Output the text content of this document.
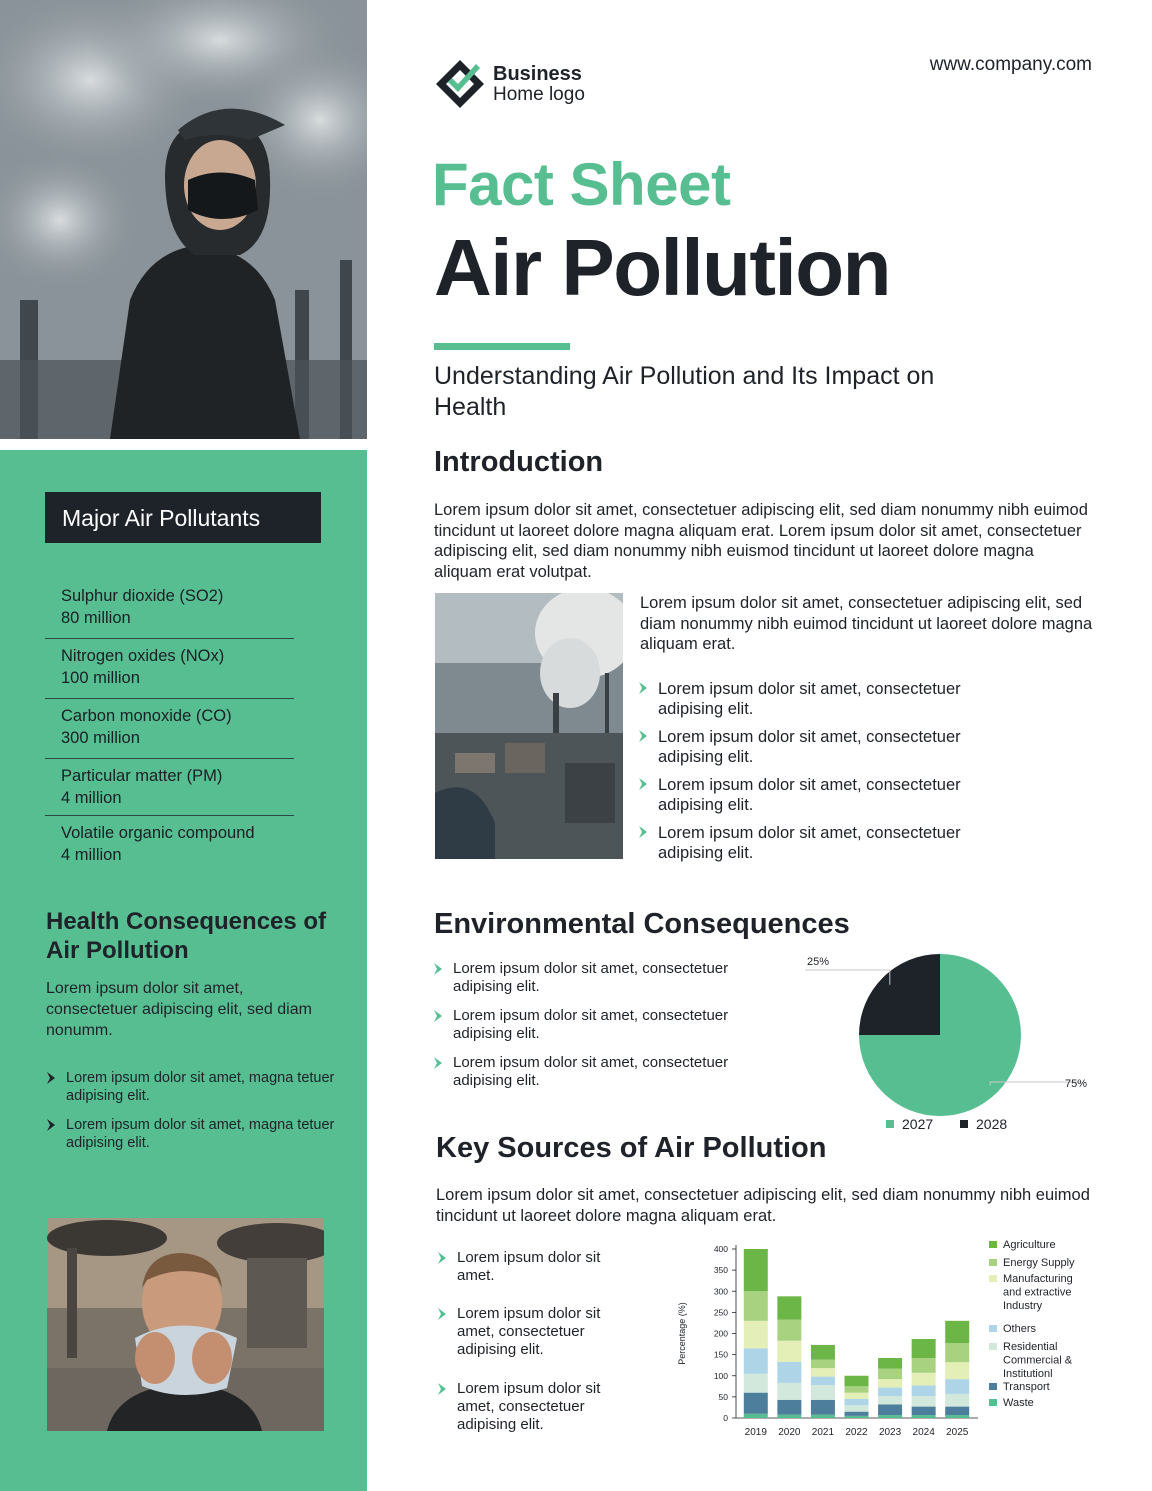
Major Air Pollutants
Sulphur dioxide (SO2)
80 million
Nitrogen oxides (NOx)
100 million
Carbon monoxide (CO)
300 million
Particular matter (PM)
4 million
Volatile organic compound
4 million
Health Consequences of Air Pollution
Lorem ipsum dolor sit amet, consectetuer adipiscing elit, sed diam nonumm.
Lorem ipsum dolor sit amet, magna tetuer adipising elit.
Lorem ipsum dolor sit amet, magna tetuer adipising elit.
Business
Home logo
www.company.com
Fact Sheet
Air Pollution
Understanding Air Pollution and Its Impact on Health
Introduction
Lorem ipsum dolor sit amet, consectetuer adipiscing elit, sed diam nonummy nibh euimod tincidunt ut laoreet dolore magna aliquam erat. Lorem ipsum dolor sit amet, consectetuer adipiscing elit, sed diam nonummy nibh euismod tincidunt ut laoreet dolore magna aliquam erat volutpat.
Lorem ipsum dolor sit amet, consectetuer adipiscing elit, sed diam nonummy nibh euimod tincidunt ut laoreet dolore magna aliquam erat.
Lorem ipsum dolor sit amet, consectetuer adipising elit.
Lorem ipsum dolor sit amet, consectetuer adipising elit.
Lorem ipsum dolor sit amet, consectetuer adipising elit.
Lorem ipsum dolor sit amet, consectetuer adipising elit.
Environmental Consequences
Lorem ipsum dolor sit amet, consectetuer adipising elit.
Lorem ipsum dolor sit amet, consectetuer adipising elit.
Lorem ipsum dolor sit amet, consectetuer adipising elit.	75%
25%
2027	2028
Key Sources of Air Pollution
Lorem ipsum dolor sit amet, consectetuer adipiscing elit, sed diam nonummy nibh euimod tincidunt ut laoreet dolore magna aliquam erat.
Lorem ipsum dolor sit amet.
Lorem ipsum dolor sit amet, consectetuer adipising elit.
Lorem ipsum dolor sit amet, consectetuer adipising elit.	0
50
100
150
200
250
300
350
400
Percentage (%)
2019 2020 2021 2022 2023 2024 2025
Agriculture
Energy Supply
Manufacturing and extractive Industry
Others
Residential Commercial & Institutionl
Transport
Waste
